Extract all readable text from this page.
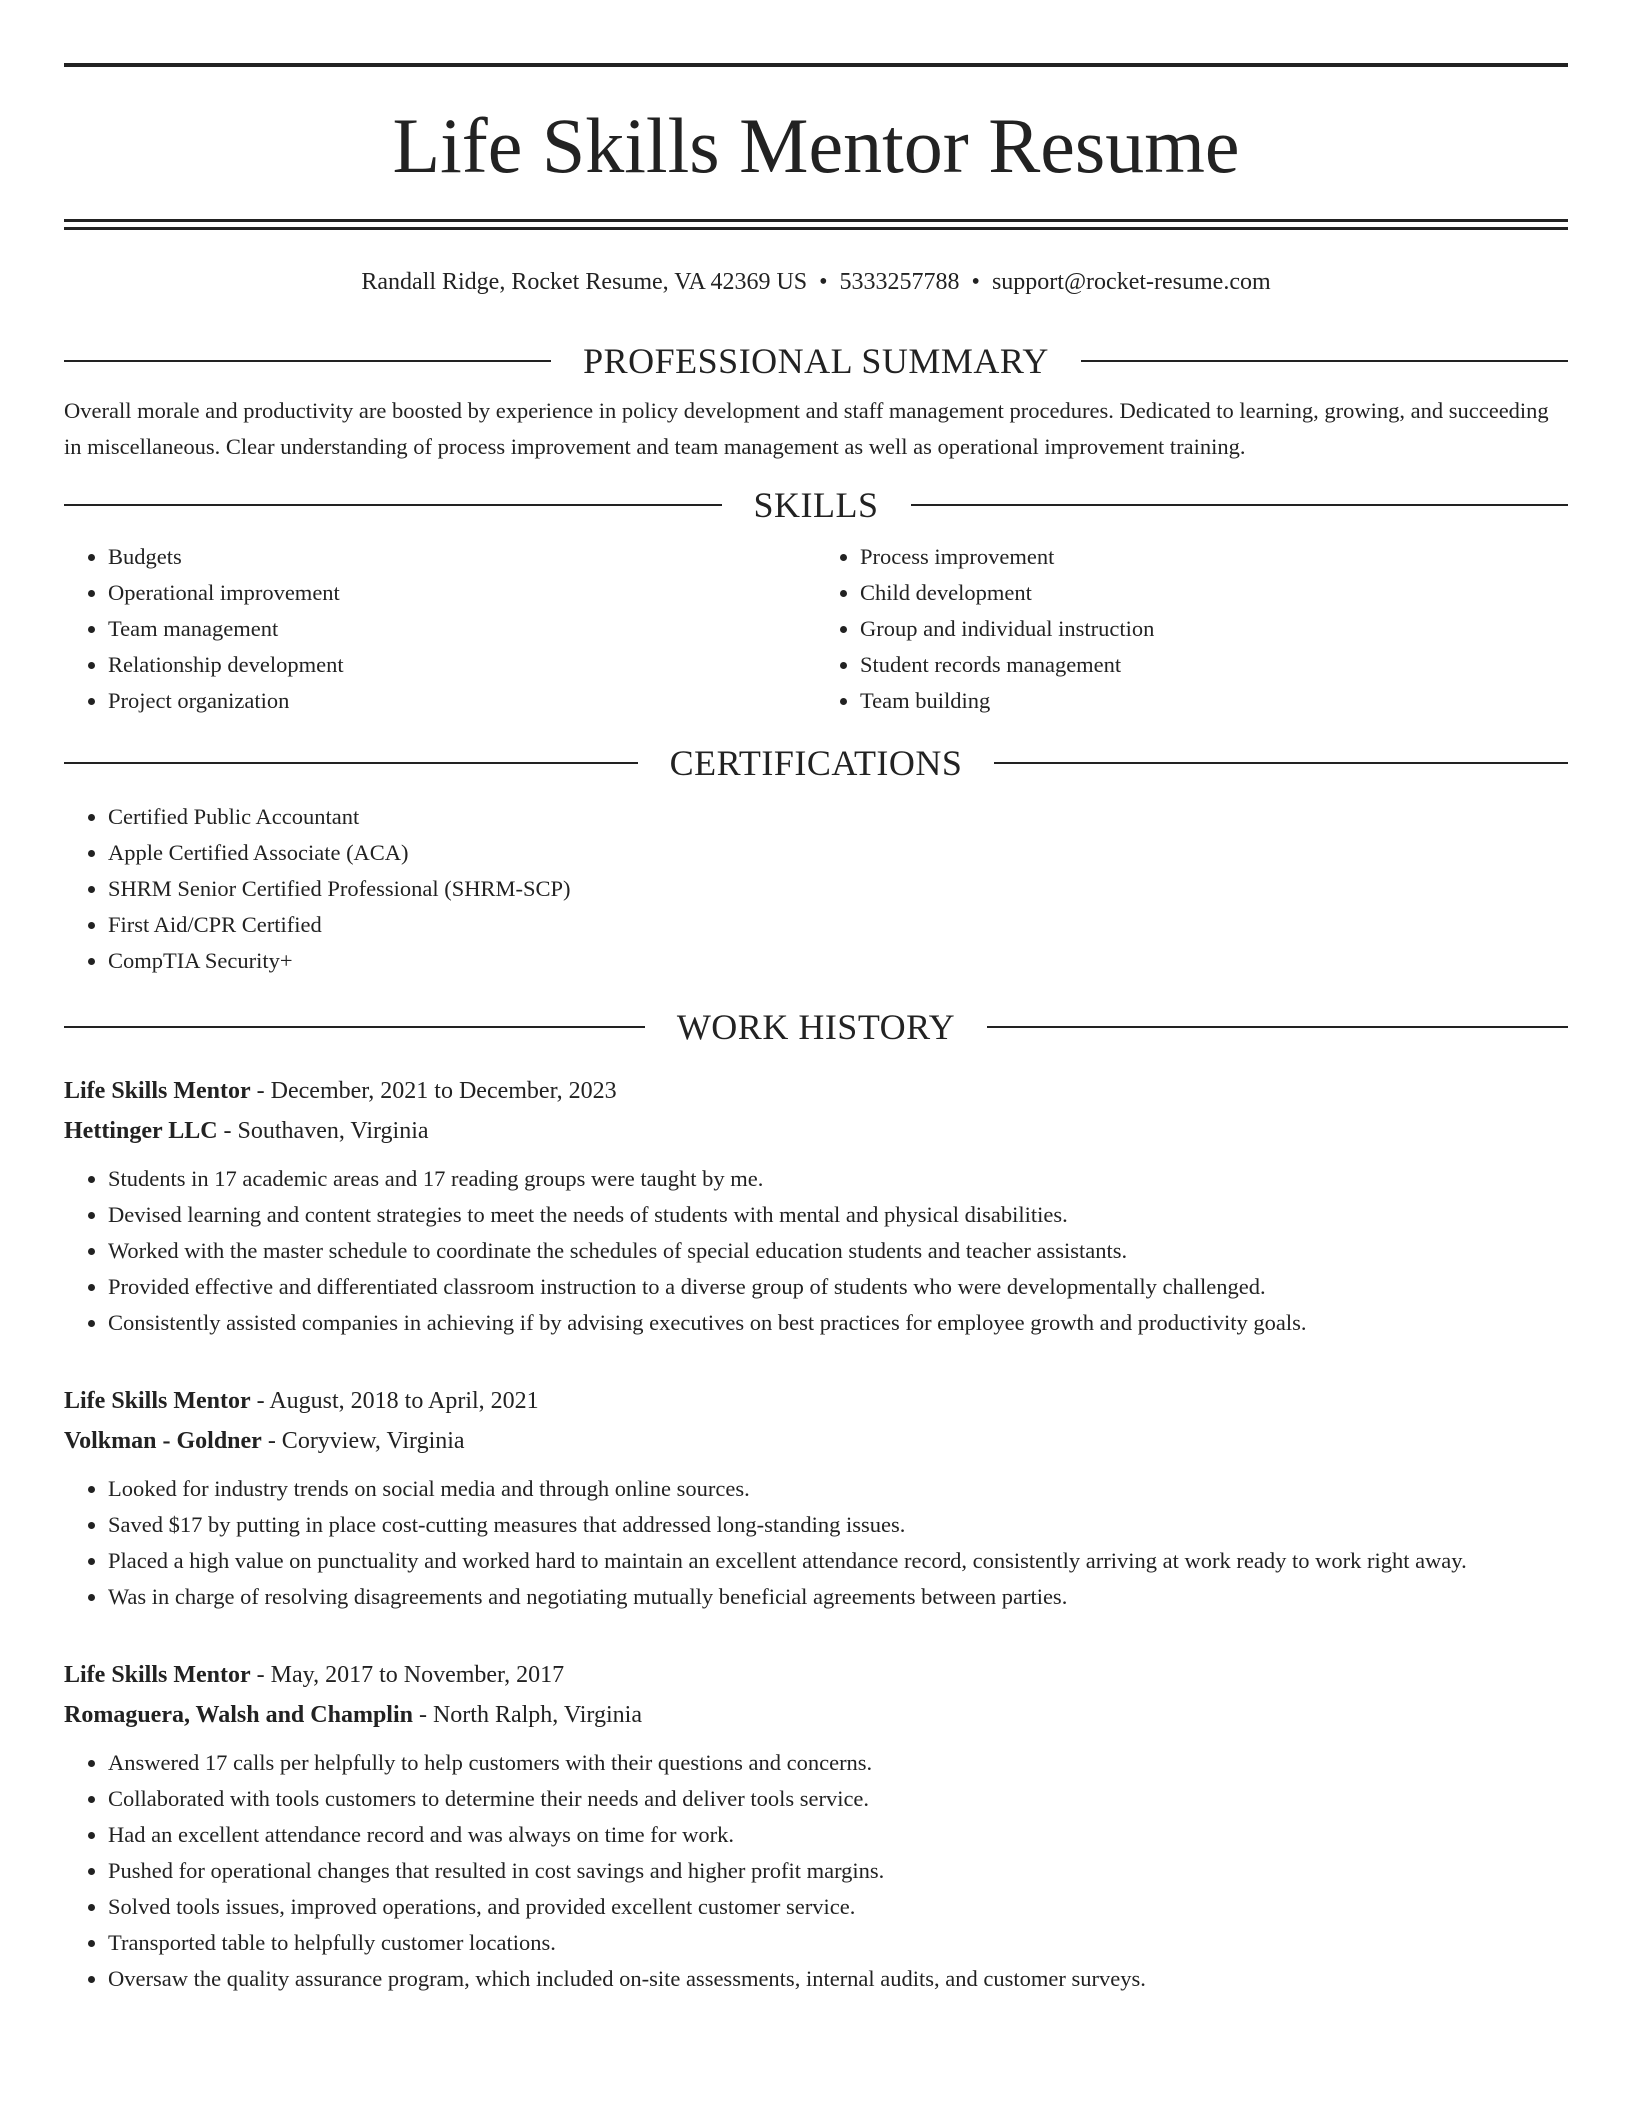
Life Skills Mentor Resume
Randall Ridge, Rocket Resume, VA 42369 US • 5333257788 • support@rocket-resume.com
PROFESSIONAL SUMMARY
Overall morale and productivity are boosted by experience in policy development and staff management procedures. Dedicated to learning, growing, and succeeding in miscellaneous. Clear understanding of process improvement and team management as well as operational improvement training.
SKILLS
• Budgets
• Operational improvement
• Team management
• Relationship development
• Project organization
• Process improvement
• Child development
• Group and individual instruction
• Student records management
• Team building
CERTIFICATIONS
• Certified Public Accountant
• Apple Certified Associate (ACA)
• SHRM Senior Certified Professional (SHRM-SCP)
• First Aid/CPR Certified
• CompTIA Security+
WORK HISTORY
Life Skills Mentor - December, 2021 to December, 2023
Hettinger LLC - Southaven, Virginia
• Students in 17 academic areas and 17 reading groups were taught by me.
• Devised learning and content strategies to meet the needs of students with mental and physical disabilities.
• Worked with the master schedule to coordinate the schedules of special education students and teacher assistants.
• Provided effective and differentiated classroom instruction to a diverse group of students who were developmentally challenged.
• Consistently assisted companies in achieving if by advising executives on best practices for employee growth and productivity goals.
Life Skills Mentor - August, 2018 to April, 2021
Volkman - Goldner - Coryview, Virginia
• Looked for industry trends on social media and through online sources.
• Saved $17 by putting in place cost-cutting measures that addressed long-standing issues.
• Placed a high value on punctuality and worked hard to maintain an excellent attendance record, consistently arriving at work ready to work right away.
• Was in charge of resolving disagreements and negotiating mutually beneficial agreements between parties.
Life Skills Mentor - May, 2017 to November, 2017
Romaguera, Walsh and Champlin - North Ralph, Virginia
• Answered 17 calls per helpfully to help customers with their questions and concerns.
• Collaborated with tools customers to determine their needs and deliver tools service.
• Had an excellent attendance record and was always on time for work.
• Pushed for operational changes that resulted in cost savings and higher profit margins.
• Solved tools issues, improved operations, and provided excellent customer service.
• Transported table to helpfully customer locations.
• Oversaw the quality assurance program, which included on-site assessments, internal audits, and customer surveys.
